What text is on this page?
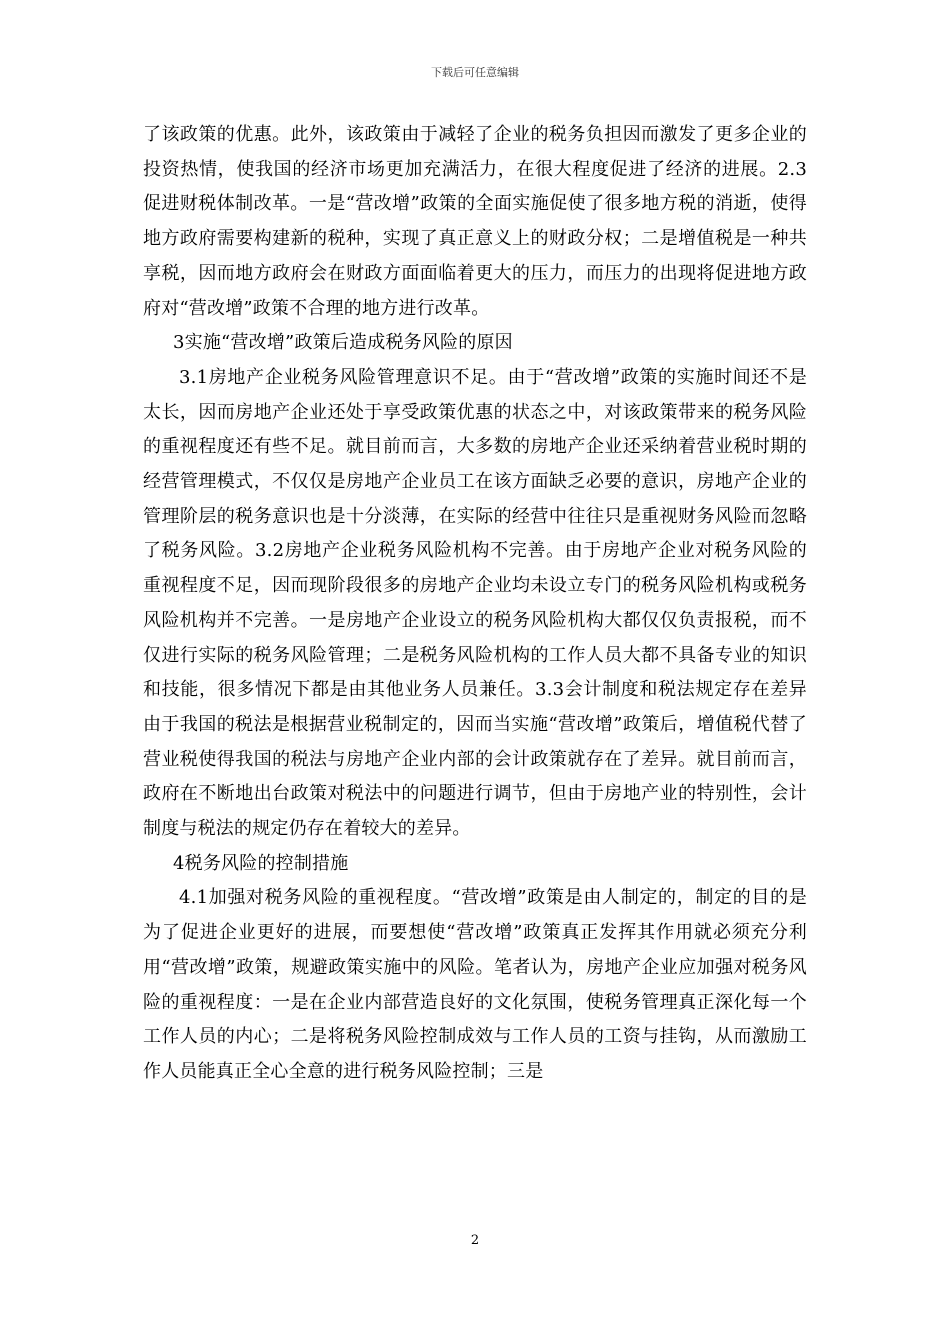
下载后可任意编辑

了该政策的优惠。此外，该政策由于减轻了企业的税务负担因而激发了更多企业的投资热情，使我国的经济市场更加充满活力，在很大程度促进了经济的进展。2.3促进财税体制改革。一是“营改增”政策的全面实施促使了很多地方税的消逝，使得地方政府需要构建新的税种，实现了真正意义上的财政分权；二是增值税是一种共享税，因而地方政府会在财政方面面临着更大的压力，而压力的出现将促进地方政府对“营改增”政策不合理的地方进行改革。

3实施“营改增”政策后造成税务风险的原因

3.1房地产企业税务风险管理意识不足。由于“营改增”政策的实施时间还不是太长，因而房地产企业还处于享受政策优惠的状态之中，对该政策带来的税务风险的重视程度还有些不足。就目前而言，大多数的房地产企业还采纳着营业税时期的经营管理模式，不仅仅是房地产企业员工在该方面缺乏必要的意识，房地产企业的管理阶层的税务意识也是十分淡薄，在实际的经营中往往只是重视财务风险而忽略了税务风险。3.2房地产企业税务风险机构不完善。由于房地产企业对税务风险的重视程度不足，因而现阶段很多的房地产企业均未设立专门的税务风险机构或税务风险机构并不完善。一是房地产企业设立的税务风险机构大都仅仅负责报税，而不仅进行实际的税务风险管理；二是税务风险机构的工作人员大都不具备专业的知识和技能，很多情况下都是由其他业务人员兼任。3.3会计制度和税法规定存在差异由于我国的税法是根据营业税制定的，因而当实施“营改增”政策后，增值税代替了营业税使得我国的税法与房地产企业内部的会计政策就存在了差异。就目前而言，政府在不断地出台政策对税法中的问题进行调节，但由于房地产业的特别性，会计制度与税法的规定仍存在着较大的差异。

4税务风险的控制措施

4.1加强对税务风险的重视程度。“营改增”政策是由人制定的，制定的目的是为了促进企业更好的进展，而要想使“营改增”政策真正发挥其作用就必须充分利用“营改增”政策，规避政策实施中的风险。笔者认为，房地产企业应加强对税务风险的重视程度：一是在企业内部营造良好的文化氛围，使税务管理真正深化每一个工作人员的内心；二是将税务风险控制成效与工作人员的工资与挂钩，从而激励工作人员能真正全心全意的进行税务风险控制；三是

2
